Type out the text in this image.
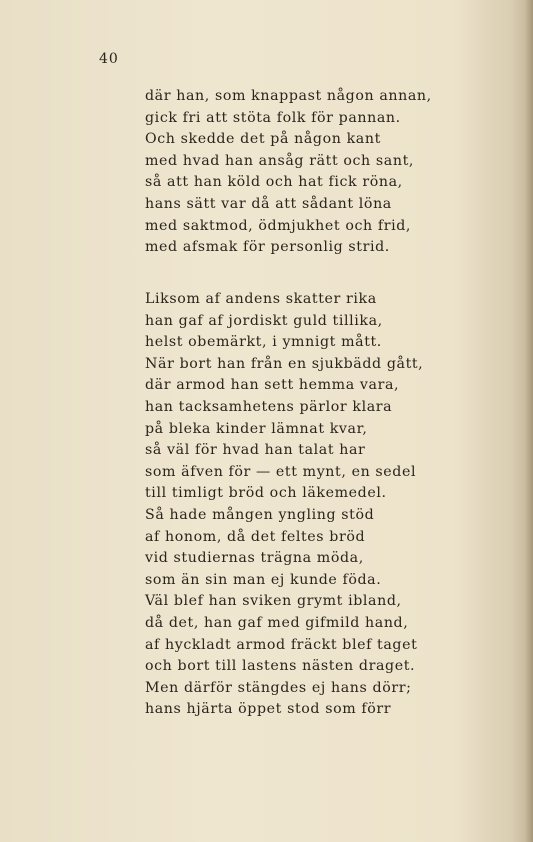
40
där han, som knappast någon annan,
gick fri att stöta folk för pannan.
Och skedde det på någon kant
med hvad han ansåg rätt och sant,
så att han köld och hat fick röna,
hans sätt var då att sådant löna
med saktmod, ödmjukhet och frid,
med afsmak för personlig strid.
Liksom af andens skatter rika
han gaf af jordiskt guld tillika,
helst obemärkt, i ymnigt mått.
När bort han från en sjukbädd gått,
där armod han sett hemma vara,
han tacksamhetens pärlor klara
på bleka kinder lämnat kvar,
så väl för hvad han talat har
som äfven för — ett mynt, en sedel
till timligt bröd och läkemedel.
Så hade mången yngling stöd
af honom, då det feltes bröd
vid studiernas trägna möda,
som än sin man ej kunde föda.
Väl blef han sviken grymt ibland,
då det, han gaf med gifmild hand,
af hyckladt armod fräckt blef taget
och bort till lastens nästen draget.
Men därför stängdes ej hans dörr;
hans hjärta öppet stod som förr
